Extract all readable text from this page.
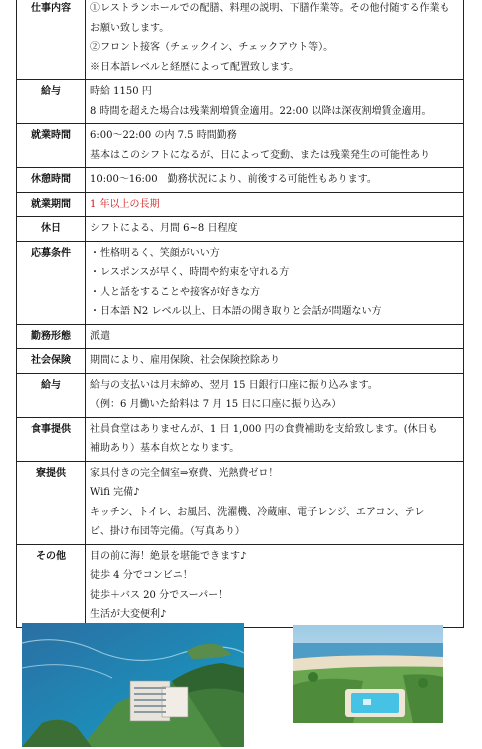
仕事内容	①レストランホールでの配膳、料理の説明、下膳作業等。その他付随する作業も
お願い致します。
②フロント接客（チェックイン、チェックアウト等）。
※日本語レベルと経歴によって配置致します。

給与	時給 1150 円
8 時間を超えた場合は残業割増賃金適用。22:00 以降は深夜割増賃金適用。

就業時間	6:00〜22:00 の内 7.5 時間勤務
基本はこのシフトになるが、日によって変動、または残業発生の可能性あり

休憩時間	10:00〜16:00　勤務状況により、前後する可能性もあります。

就業期間	1 年以上の長期

休日	シフトによる、月間 6~8 日程度

応募条件	・性格明るく、笑顔がいい方
・レスポンスが早く、時間や約束を守れる方
・人と話をすることや接客が好きな方
・日本語 N2 レベル以上、日本語の聞き取りと会話が問題ない方

勤務形態	派遣

社会保険	期間により、雇用保険、社会保険控除あり

給与	給与の支払いは月末締め、翌月 15 日銀行口座に振り込みます。
（例：6 月働いた給料は 7 月 15 日に口座に振り込み）

食事提供	社員食堂はありませんが、1 日 1,000 円の食費補助を支給致します。(休日も
補助あり）基本自炊となります。

寮提供	家具付きの完全個室⇒寮費、光熱費ゼロ！
Wifi 完備♪
キッチン、トイレ、お風呂、洗濯機、冷蔵庫、電子レンジ、エアコン、テレ
ビ、掛け布団等完備。（写真あり）

その他	目の前に海！絶景を堪能できます♪
徒歩 4 分でコンビニ！
徒歩＋バス 20 分でスーパー！
生活が大変便利♪
